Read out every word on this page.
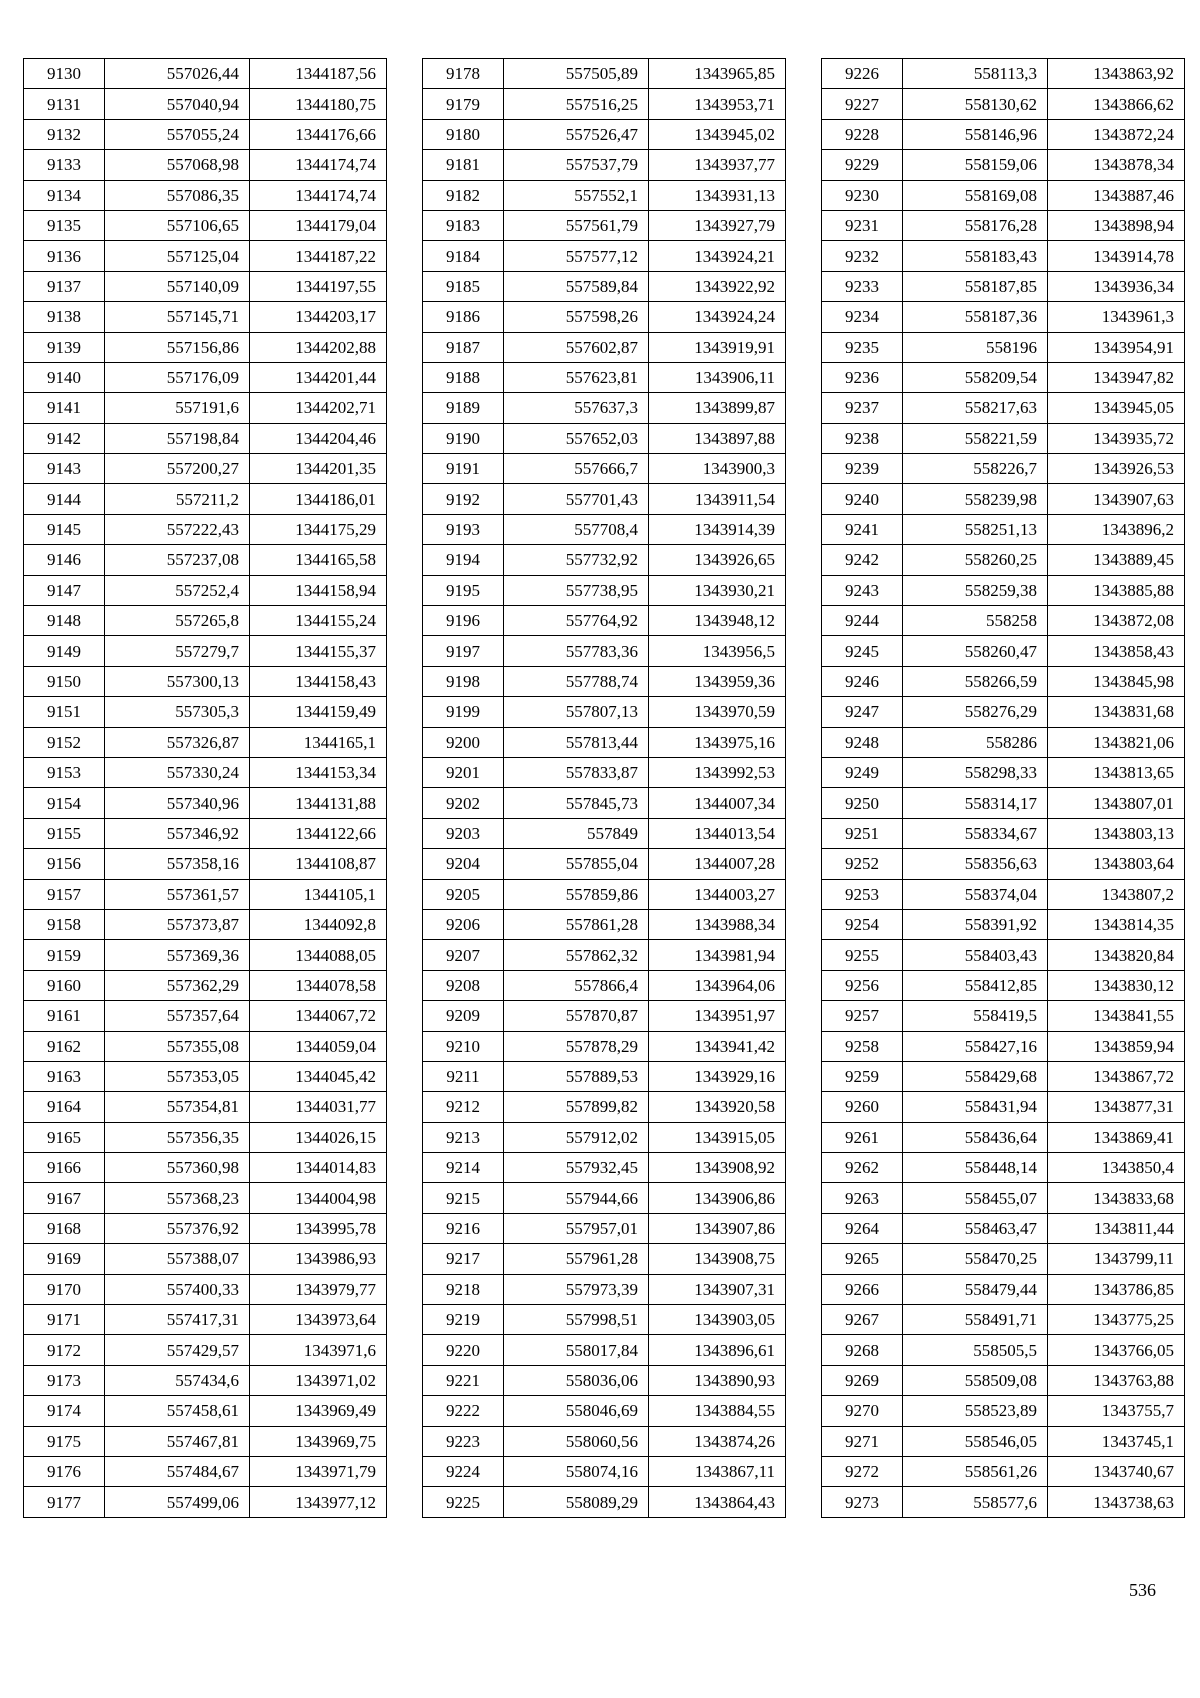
9130	557026,44	1344187,56
9131	557040,94	1344180,75
9132	557055,24	1344176,66
9133	557068,98	1344174,74
9134	557086,35	1344174,74
9135	557106,65	1344179,04
9136	557125,04	1344187,22
9137	557140,09	1344197,55
9138	557145,71	1344203,17
9139	557156,86	1344202,88
9140	557176,09	1344201,44
9141	557191,6	1344202,71
9142	557198,84	1344204,46
9143	557200,27	1344201,35
9144	557211,2	1344186,01
9145	557222,43	1344175,29
9146	557237,08	1344165,58
9147	557252,4	1344158,94
9148	557265,8	1344155,24
9149	557279,7	1344155,37
9150	557300,13	1344158,43
9151	557305,3	1344159,49
9152	557326,87	1344165,1
9153	557330,24	1344153,34
9154	557340,96	1344131,88
9155	557346,92	1344122,66
9156	557358,16	1344108,87
9157	557361,57	1344105,1
9158	557373,87	1344092,8
9159	557369,36	1344088,05
9160	557362,29	1344078,58
9161	557357,64	1344067,72
9162	557355,08	1344059,04
9163	557353,05	1344045,42
9164	557354,81	1344031,77
9165	557356,35	1344026,15
9166	557360,98	1344014,83
9167	557368,23	1344004,98
9168	557376,92	1343995,78
9169	557388,07	1343986,93
9170	557400,33	1343979,77
9171	557417,31	1343973,64
9172	557429,57	1343971,6
9173	557434,6	1343971,02
9174	557458,61	1343969,49
9175	557467,81	1343969,75
9176	557484,67	1343971,79
9177	557499,06	1343977,12
9178	557505,89	1343965,85
9179	557516,25	1343953,71
9180	557526,47	1343945,02
9181	557537,79	1343937,77
9182	557552,1	1343931,13
9183	557561,79	1343927,79
9184	557577,12	1343924,21
9185	557589,84	1343922,92
9186	557598,26	1343924,24
9187	557602,87	1343919,91
9188	557623,81	1343906,11
9189	557637,3	1343899,87
9190	557652,03	1343897,88
9191	557666,7	1343900,3
9192	557701,43	1343911,54
9193	557708,4	1343914,39
9194	557732,92	1343926,65
9195	557738,95	1343930,21
9196	557764,92	1343948,12
9197	557783,36	1343956,5
9198	557788,74	1343959,36
9199	557807,13	1343970,59
9200	557813,44	1343975,16
9201	557833,87	1343992,53
9202	557845,73	1344007,34
9203	557849	1344013,54
9204	557855,04	1344007,28
9205	557859,86	1344003,27
9206	557861,28	1343988,34
9207	557862,32	1343981,94
9208	557866,4	1343964,06
9209	557870,87	1343951,97
9210	557878,29	1343941,42
9211	557889,53	1343929,16
9212	557899,82	1343920,58
9213	557912,02	1343915,05
9214	557932,45	1343908,92
9215	557944,66	1343906,86
9216	557957,01	1343907,86
9217	557961,28	1343908,75
9218	557973,39	1343907,31
9219	557998,51	1343903,05
9220	558017,84	1343896,61
9221	558036,06	1343890,93
9222	558046,69	1343884,55
9223	558060,56	1343874,26
9224	558074,16	1343867,11
9225	558089,29	1343864,43
9226	558113,3	1343863,92
9227	558130,62	1343866,62
9228	558146,96	1343872,24
9229	558159,06	1343878,34
9230	558169,08	1343887,46
9231	558176,28	1343898,94
9232	558183,43	1343914,78
9233	558187,85	1343936,34
9234	558187,36	1343961,3
9235	558196	1343954,91
9236	558209,54	1343947,82
9237	558217,63	1343945,05
9238	558221,59	1343935,72
9239	558226,7	1343926,53
9240	558239,98	1343907,63
9241	558251,13	1343896,2
9242	558260,25	1343889,45
9243	558259,38	1343885,88
9244	558258	1343872,08
9245	558260,47	1343858,43
9246	558266,59	1343845,98
9247	558276,29	1343831,68
9248	558286	1343821,06
9249	558298,33	1343813,65
9250	558314,17	1343807,01
9251	558334,67	1343803,13
9252	558356,63	1343803,64
9253	558374,04	1343807,2
9254	558391,92	1343814,35
9255	558403,43	1343820,84
9256	558412,85	1343830,12
9257	558419,5	1343841,55
9258	558427,16	1343859,94
9259	558429,68	1343867,72
9260	558431,94	1343877,31
9261	558436,64	1343869,41
9262	558448,14	1343850,4
9263	558455,07	1343833,68
9264	558463,47	1343811,44
9265	558470,25	1343799,11
9266	558479,44	1343786,85
9267	558491,71	1343775,25
9268	558505,5	1343766,05
9269	558509,08	1343763,88
9270	558523,89	1343755,7
9271	558546,05	1343745,1
9272	558561,26	1343740,67
9273	558577,6	1343738,63
536
